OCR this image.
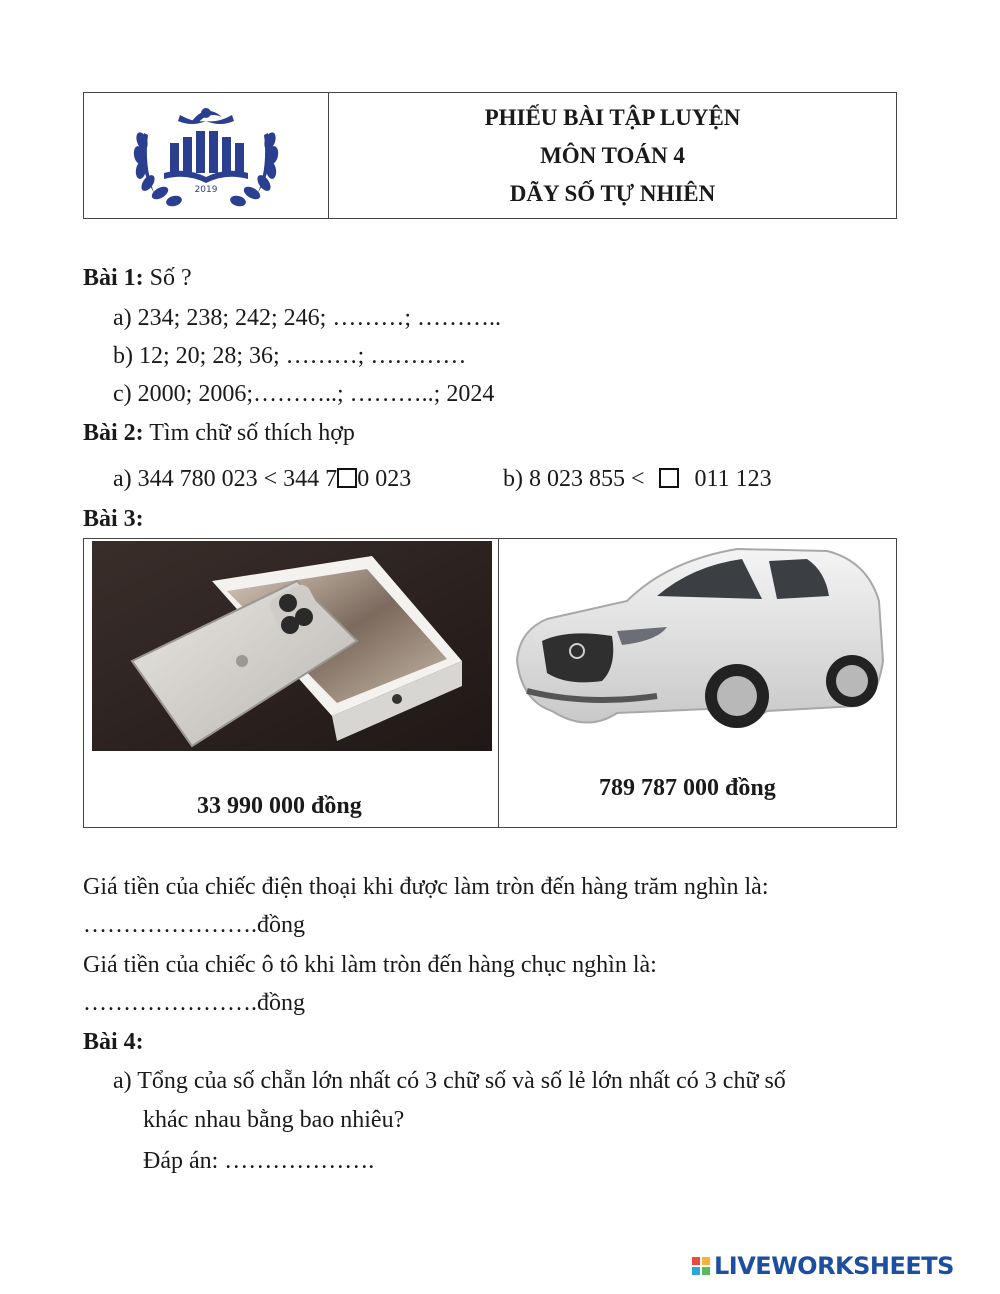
2019
PHIẾU BÀI TẬP LUYỆN
MÔN TOÁN 4
DÃY SỐ TỰ NHIÊN
Bài 1: Số ?
a) 234; 238; 242; 246; ………; ………..
b) 12; 20; 28; 36; ………; …………
c) 2000; 2006;………..; ………..; 2024
Bài 2: Tìm chữ số thích hợp
a) 344 780 023 < 344 7 0 023	b) 8 023 855 < 011 123
Bài 3:
33 990 000 đồng
789 787 000 đồng
Giá tiền của chiếc điện thoại khi được làm tròn đến hàng trăm nghìn là:
………………….đồng
Giá tiền của chiếc ô tô khi làm tròn đến hàng chục nghìn là:
………………….đồng
Bài 4:
a) Tổng của số chẵn lớn nhất có 3 chữ số và số lẻ lớn nhất có 3 chữ số
khác nhau bằng bao nhiêu?
Đáp án: ……………….
LIVEWORKSHEETS
